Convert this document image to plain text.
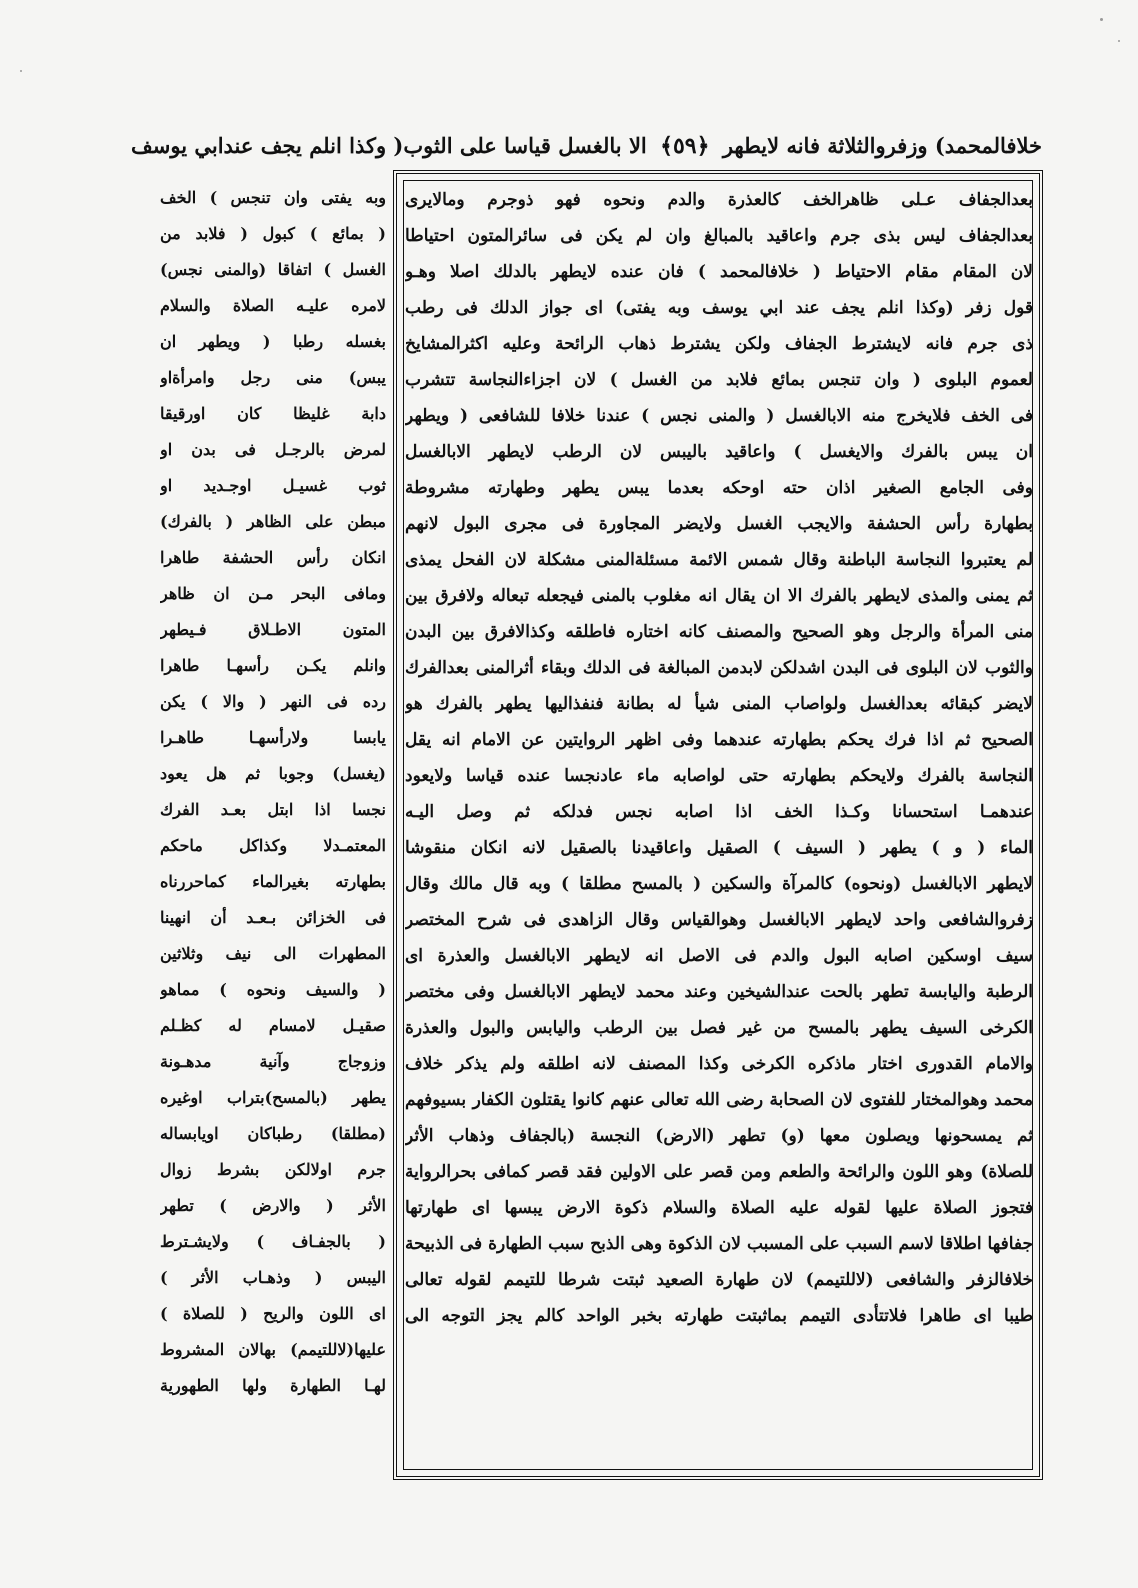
خلافالمحمد) وزفروالثلاثة فانه لايطهر ﴿٥٩﴾ الا بالغسل قياسا على الثوب( وكذا انلم يجف عندابي يوسف
بعدالجفاف عـلى ظاهرالخف كالعذرة والدم ونحوه فهو ذوجرم ومالايرى
بعدالجفاف ليس بذى جرم واعاقيد بالمبالغ وان لم يكن فى سائرالمتون احتياطا
لان المقام مقام الاحتياط ( خلافالمحمد ) فان عنده لايطهر بالدلك اصلا وهـو
قول زفر (وكذا انلم يجف عند ابي يوسف وبه يفتى) اى جواز الدلك فى رطب
ذى جرم فانه لايشترط الجفاف ولكن يشترط ذهاب الرائحة وعليه اكثرالمشايخ
لعموم البلوى ( وان تنجس بمائع فلابد من الغسل ) لان اجزاءالنجاسة تتشرب
فى الخف فلايخرج منه الابالغسل ( والمنى نجس ) عندنا خلافا للشافعى ( ويطهر
ان يبس بالفرك والايغسل ) واعاقيد باليبس لان الرطب لايطهر الابالغسل
وفى الجامع الصغير اذان حته اوحكه بعدما يبس يطهر وطهارته مشروطة
بطهارة رأس الحشفة والايجب الغسل ولايضر المجاورة فى مجرى البول لانهم
لم يعتبروا النجاسة الباطنة وقال شمس الائمة مسئلةالمنى مشكلة لان الفحل يمذى
ثم يمنى والمذى لايطهر بالفرك الا ان يقال انه مغلوب بالمنى فيجعله تبعاله ولافرق بين
منى المرأة والرجل وهو الصحيح والمصنف كانه اختاره فاطلقه وكذالافرق بين البدن
والثوب لان البلوى فى البدن اشدلكن لابدمن المبالغة فى الدلك وبقاء أثرالمنى بعدالفرك
لايضر كبقائه بعدالغسل ولواصاب المنى شيأ له بطانة فنفذاليها يطهر بالفرك هو
الصحيح ثم اذا فرك يحكم بطهارته عندهما وفى اظهر الروايتين عن الامام انه يقل
النجاسة بالفرك ولايحكم بطهارته حتى لواصابه ماء عادنجسا عنده قياسا ولايعود
عندهمـا استحسانا وكـذا الخف اذا اصابه نجس فدلكه ثم وصل اليـه
الماء ( و ) يطهر ( السيف ) الصقيل واعاقيدنا بالصقيل لانه انكان منقوشا
لايطهر الابالغسل (ونحوه) كالمرآة والسكين ( بالمسح مطلقا ) وبه قال مالك وقال
زفروالشافعى واحد لايطهر الابالغسل وهوالقياس وقال الزاهدى فى شرح المختصر
سيف اوسكين اصابه البول والدم فى الاصل انه لايطهر الابالغسل والعذرة اى
الرطبة واليابسة تطهر بالحت عندالشيخين وعند محمد لايطهر الابالغسل وفى مختصر
الكرخى السيف يطهر بالمسح من غير فصل بين الرطب واليابس والبول والعذرة
والامام القدورى اختار ماذكره الكرخى وكذا المصنف لانه اطلقه ولم يذكر خلاف
محمد وهوالمختار للفتوى لان الصحابة رضى الله تعالى عنهم كانوا يقتلون الكفار بسيوفهم
ثم يمسحونها ويصلون معها (و) تطهر (الارض) النجسة (بالجفاف وذهاب الأثر
للصلاة) وهو اللون والرائحة والطعم ومن قصر على الاولين فقد قصر كمافى بحرالرواية
فتجوز الصلاة عليها لقوله عليه الصلاة والسلام ذكوة الارض يبسها اى طهارتها
جفافها اطلاقا لاسم السبب على المسبب لان الذكوة وهى الذبح سبب الطهارة فى الذبيحة
خلافالزفر والشافعى (لاللتيمم) لان طهارة الصعيد ثبتت شرطا للتيمم لقوله تعالى
طيبا اى طاهرا فلاتتأدى التيمم بماثبتت طهارته بخبر الواحد كالم يجز التوجه الى
وبه يفتى وان تنجس ) الخف
( بمائع ) كبول ( فلابد من
الغسل ) اتفاقا (والمنى نجس)
لامره عليـه الصلاة والسلام
بغسله رطبا ( ويطهر ان
يبس) منى رجل وامرأةاو
دابة غليظا كان اورقيقا
لمرض بالرجـل فى بدن او
ثوب غسيـل اوجـديد او
مبطن على الظاهر ( بالفرك)
انكان رأس الحشفة طاهرا
ومافى البحر مـن ان ظاهر
المتون الاطـلاق فـيطهر
وانلم يكـن رأسهـا طاهرا
رده فى النهر ( والا ) يكن
يابسا ولارأسهـا طاهـرا
(يغسل) وجوبا ثم هل يعود
نجسا اذا ابتل بعـد الفرك
المعتمـدلا وكذاكل ماحكم
بطهارته بغيرالماء كماحررناه
فى الخزائن بـعـد أن انهينا
المطهرات الى نيف وثلاثين
( والسيف ونحوه ) مماهو
صقيـل لامسام له كظـلم
وزوجاج وآنية مدهـونة
يطهر (بالمسح)بتراب اوغيره
(مطلقا) رطباكان اويابساله
جرم اولالكن بشرط زوال
الأثر ( والارض ) تطهر
( بالجفـاف ) ولايشـترط
اليبس ( وذهـاب الأثر )
اى اللون والريح ( للصلاة )
عليها(لاللتيمم) بهالان المشروط
لهـا الطهارة ولها الطهورية
